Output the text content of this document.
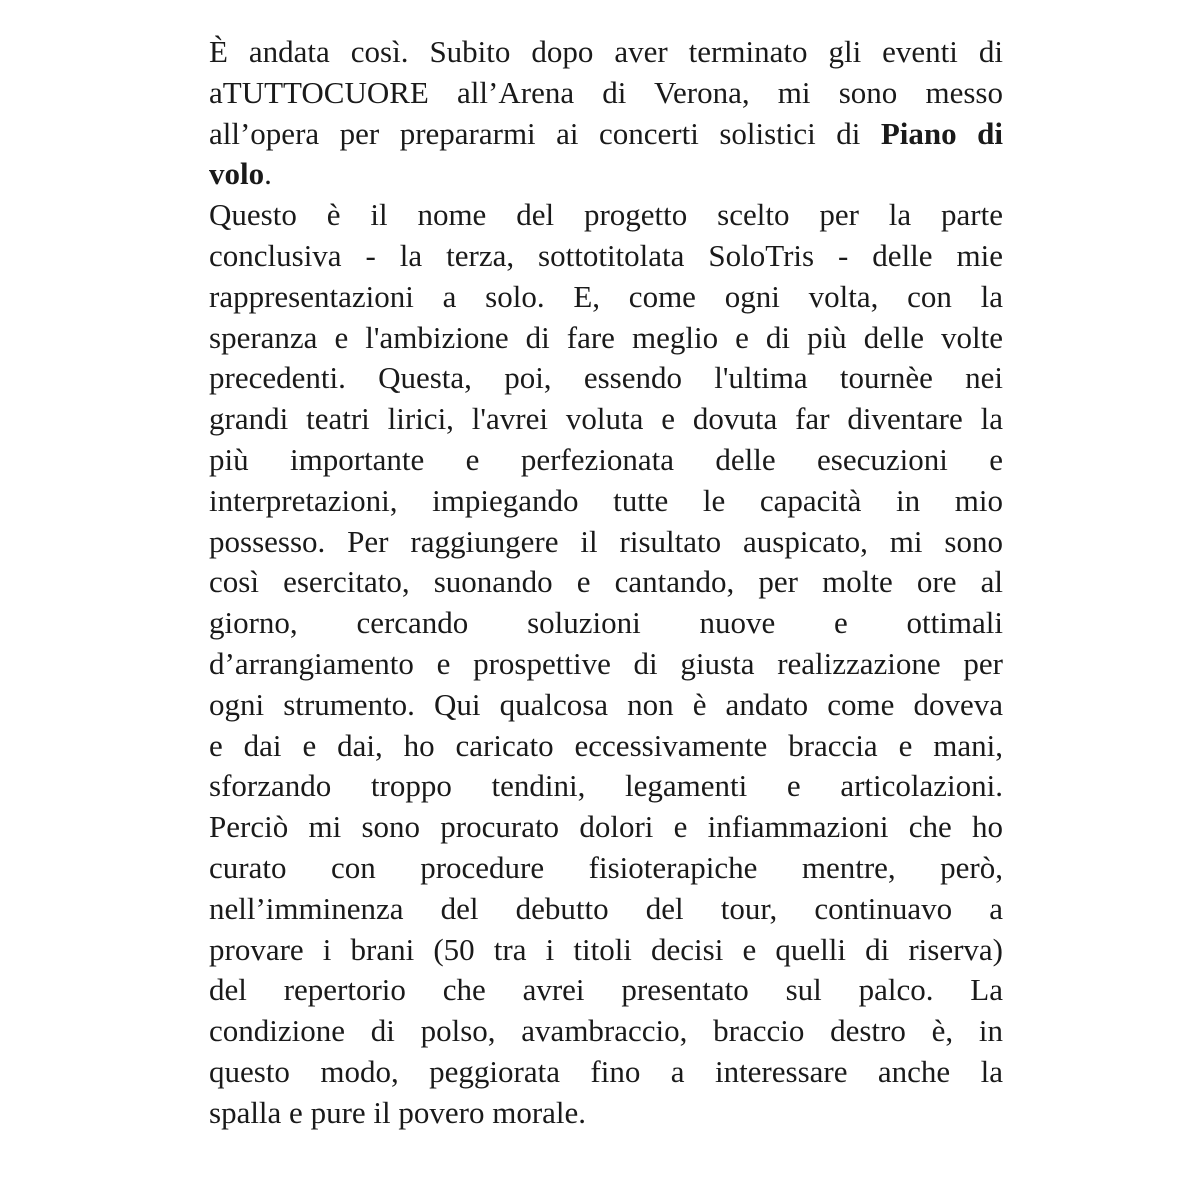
È andata così. Subito dopo aver terminato gli eventi di
aTUTTOCUORE all’Arena di Verona, mi sono messo
all’opera per prepararmi ai concerti solistici di Piano di
volo.
Questo è il nome del progetto scelto per la parte
conclusiva - la terza, sottotitolata SoloTris - delle mie
rappresentazioni a solo. E, come ogni volta, con la
speranza e l'ambizione di fare meglio e di più delle volte
precedenti. Questa, poi, essendo l'ultima tournèe nei
grandi teatri lirici, l'avrei voluta e dovuta far diventare la
più importante e perfezionata delle esecuzioni e
interpretazioni, impiegando tutte le capacità in mio
possesso. Per raggiungere il risultato auspicato, mi sono
così esercitato, suonando e cantando, per molte ore al
giorno, cercando soluzioni nuove e ottimali
d’arrangiamento e prospettive di giusta realizzazione per
ogni strumento. Qui qualcosa non è andato come doveva
e dai e dai, ho caricato eccessivamente braccia e mani,
sforzando troppo tendini, legamenti e articolazioni.
Perciò mi sono procurato dolori e infiammazioni che ho
curato con procedure fisioterapiche mentre, però,
nell’imminenza del debutto del tour, continuavo a
provare i brani (50 tra i titoli decisi e quelli di riserva)
del repertorio che avrei presentato sul palco. La
condizione di polso, avambraccio, braccio destro è, in
questo modo, peggiorata fino a interessare anche la
spalla e pure il povero morale.
